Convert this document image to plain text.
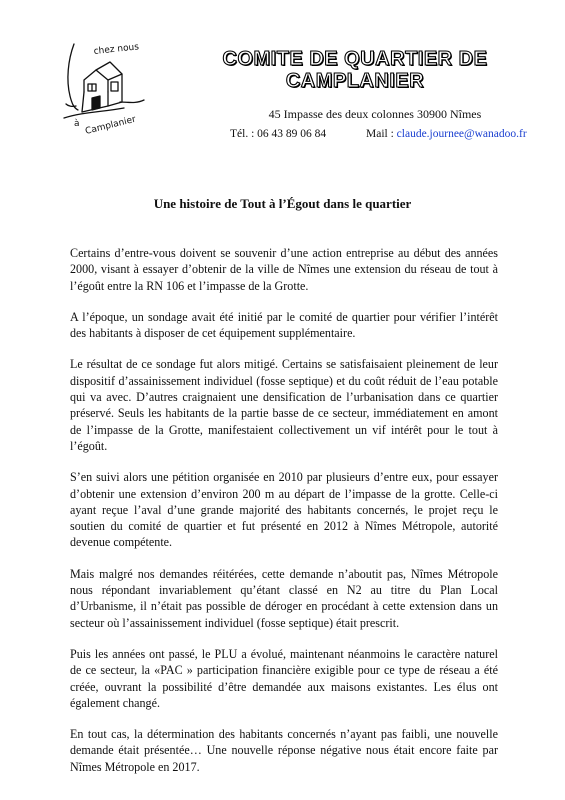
chez nous
à Camplanier
COMITE DE QUARTIER DE
CAMPLANIER
45 Impasse des deux colonnes 30900 Nîmes
Tél. : 06 43 89 06 84	Mail : claude.journee@wanadoo.fr
Une histoire de Tout à l’Égout dans le quartier

Certains d’entre-vous doivent se souvenir d’une action entreprise au début des années 2000, visant à essayer d’obtenir de la ville de Nîmes une extension du réseau de tout à l’égoût entre la RN 106 et l’impasse de la Grotte.

A l’époque, un sondage avait été initié par le comité de quartier pour vérifier l’intérêt des habitants à disposer de cet équipement supplémentaire.

Le résultat de ce sondage fut alors mitigé. Certains se satisfaisaient pleinement de leur dispositif d’assainissement individuel (fosse septique) et du coût réduit de l’eau potable qui va avec. D’autres craignaient une densification de l’urbanisation dans ce quartier préservé. Seuls les habitants de la partie basse de ce secteur, immédiatement en amont de l’impasse de la Grotte, manifestaient collectivement un vif intérêt pour le tout à l’égoût.

S’en suivi alors une pétition organisée en 2010 par plusieurs d’entre eux, pour essayer d’obtenir une extension d’environ 200 m au départ de l’impasse de la grotte. Celle-ci ayant reçue l’aval d’une grande majorité des habitants concernés, le projet reçu le soutien du comité de quartier et fut présenté en 2012 à Nîmes Métropole, autorité devenue compétente.

Mais malgré nos demandes réitérées, cette demande n’aboutit pas, Nîmes Métropole nous répondant invariablement qu’étant classé en N2 au titre du Plan Local d’Urbanisme, il n’était pas possible de déroger en procédant à cette extension dans un secteur où l’assainissement individuel (fosse septique) était prescrit.

Puis les années ont passé, le PLU a évolué, maintenant néanmoins le caractère naturel de ce secteur, la «PAC » participation financière exigible pour ce type de réseau a été créée, ouvrant la possibilité d’être demandée aux maisons existantes. Les élus ont également changé.

En tout cas, la détermination des habitants concernés n’ayant pas faibli, une nouvelle demande était présentée… Une nouvelle réponse négative nous était encore faite par Nîmes Métropole en 2017.
